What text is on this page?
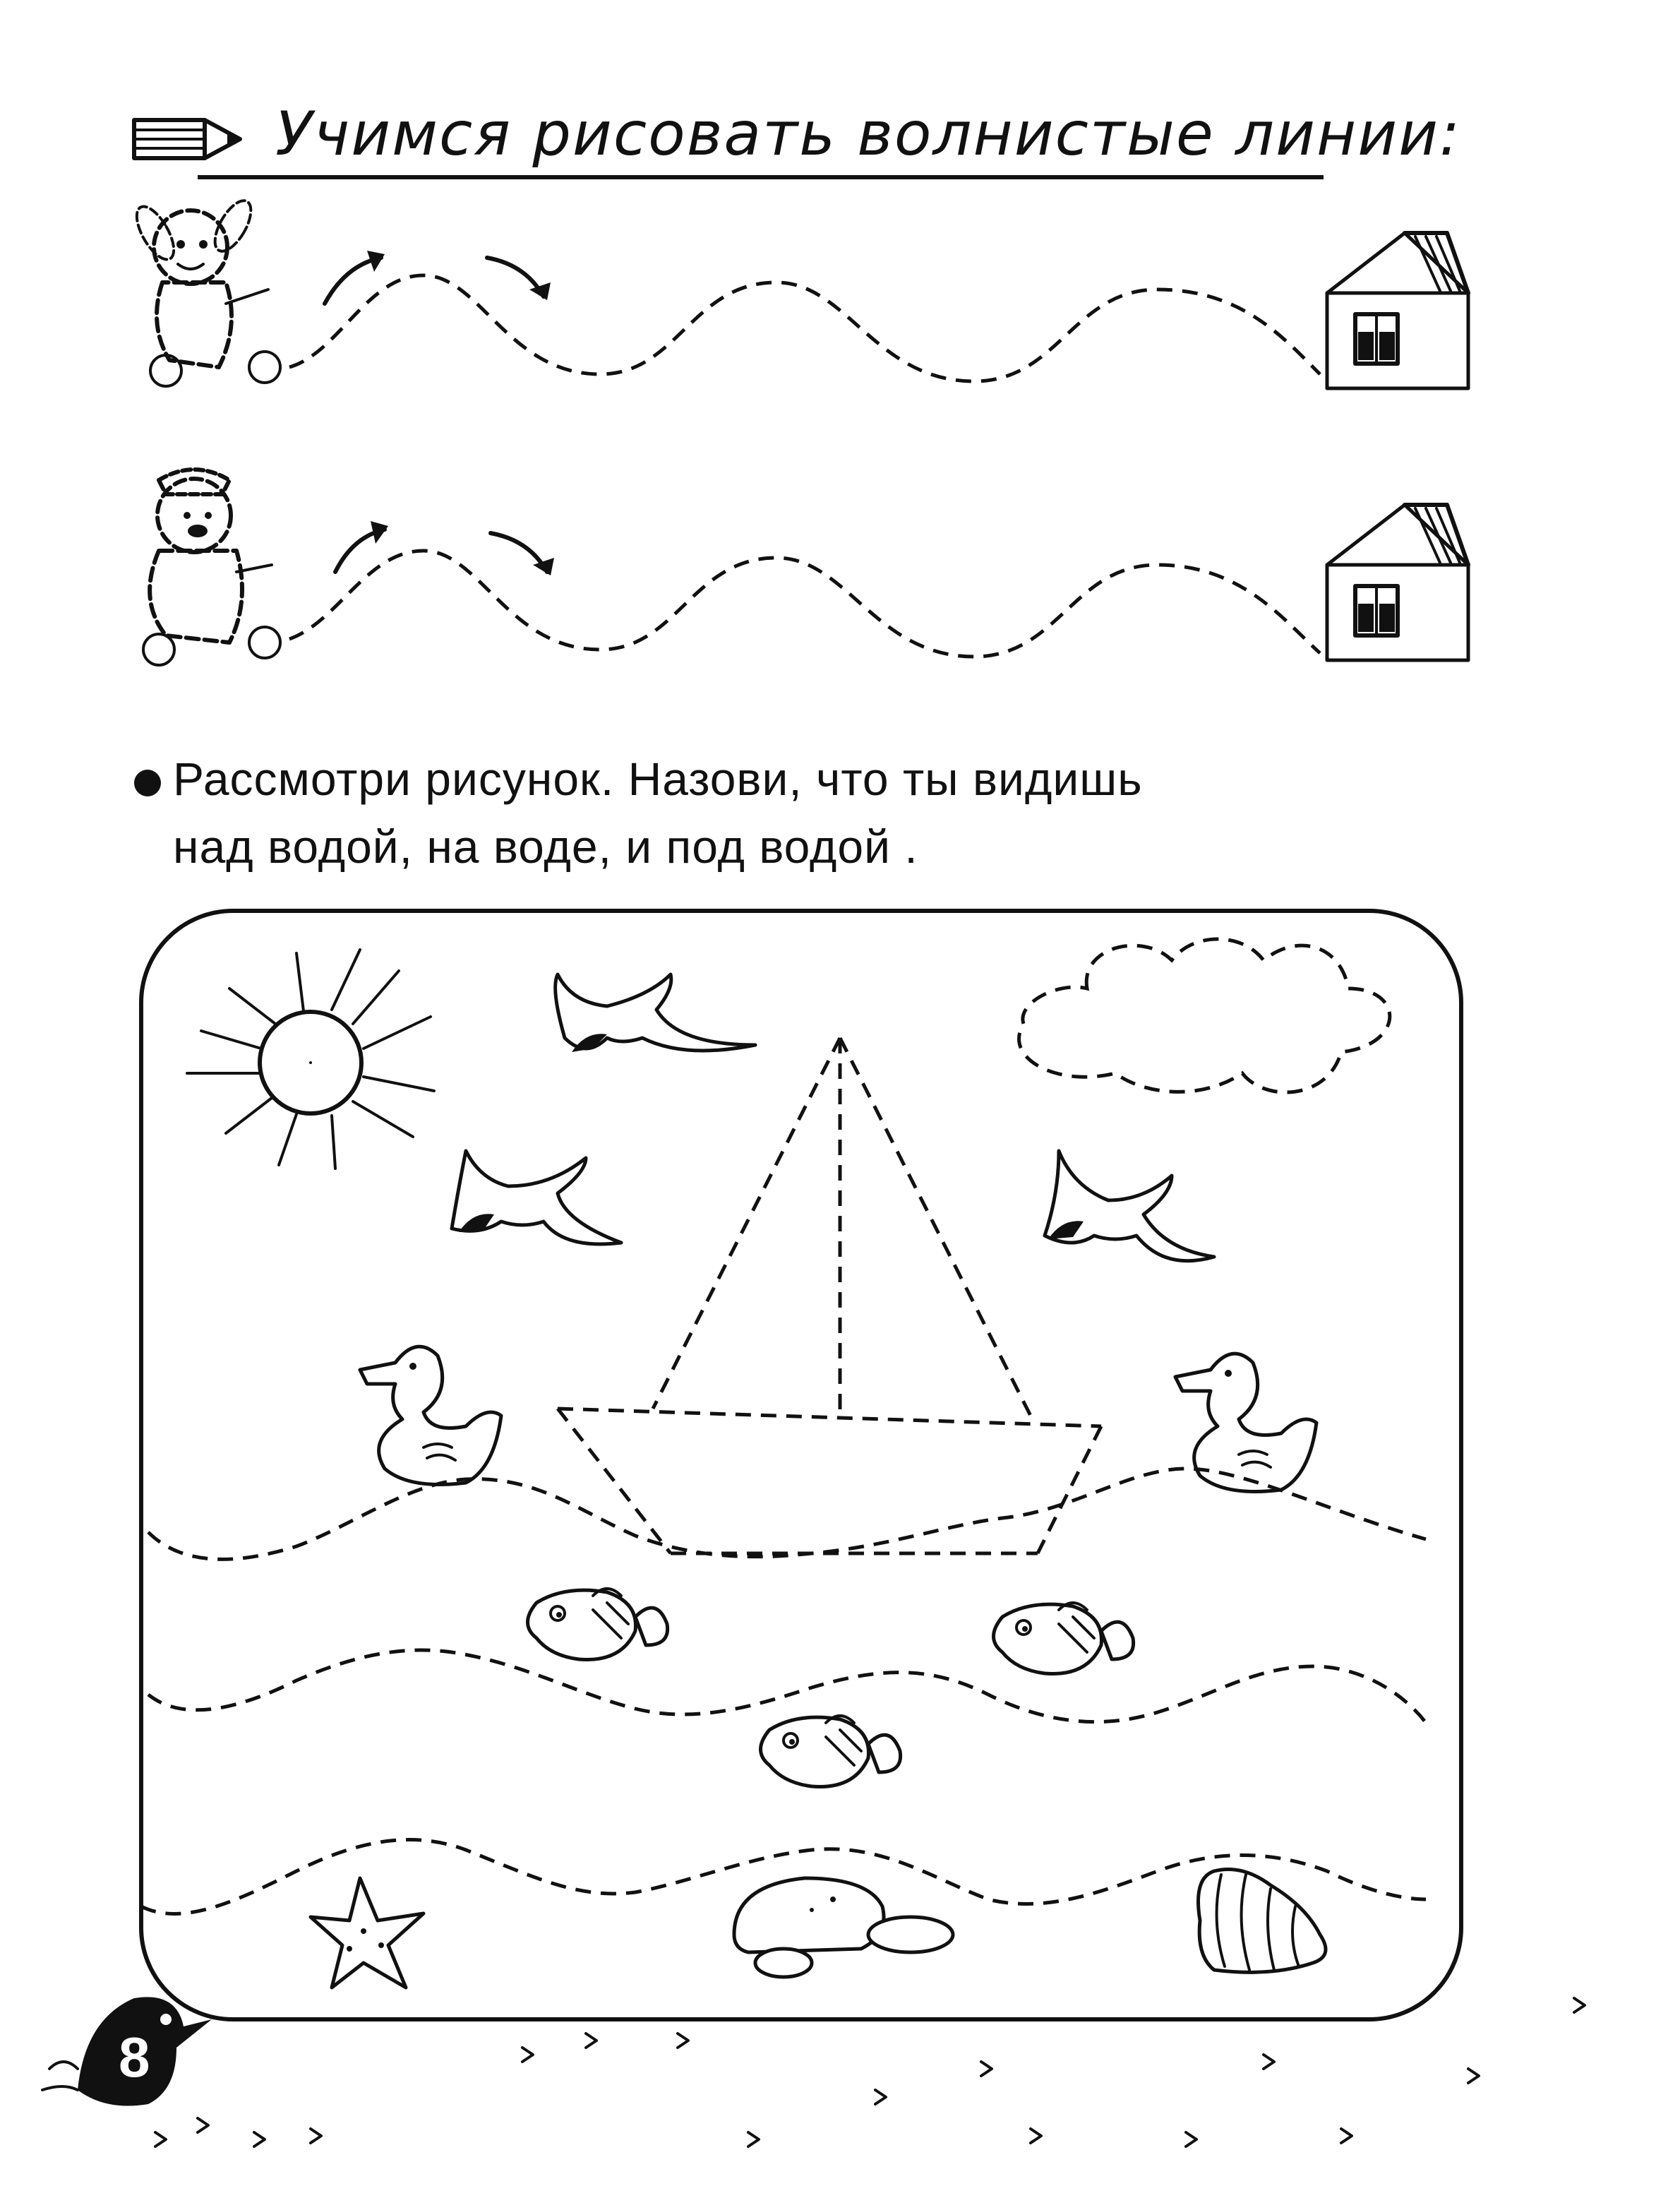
Учимся рисовать волнистые линии:
Рассмотри рисунок. Назови, что ты видишь
над водой, на воде, и под водой .
8
